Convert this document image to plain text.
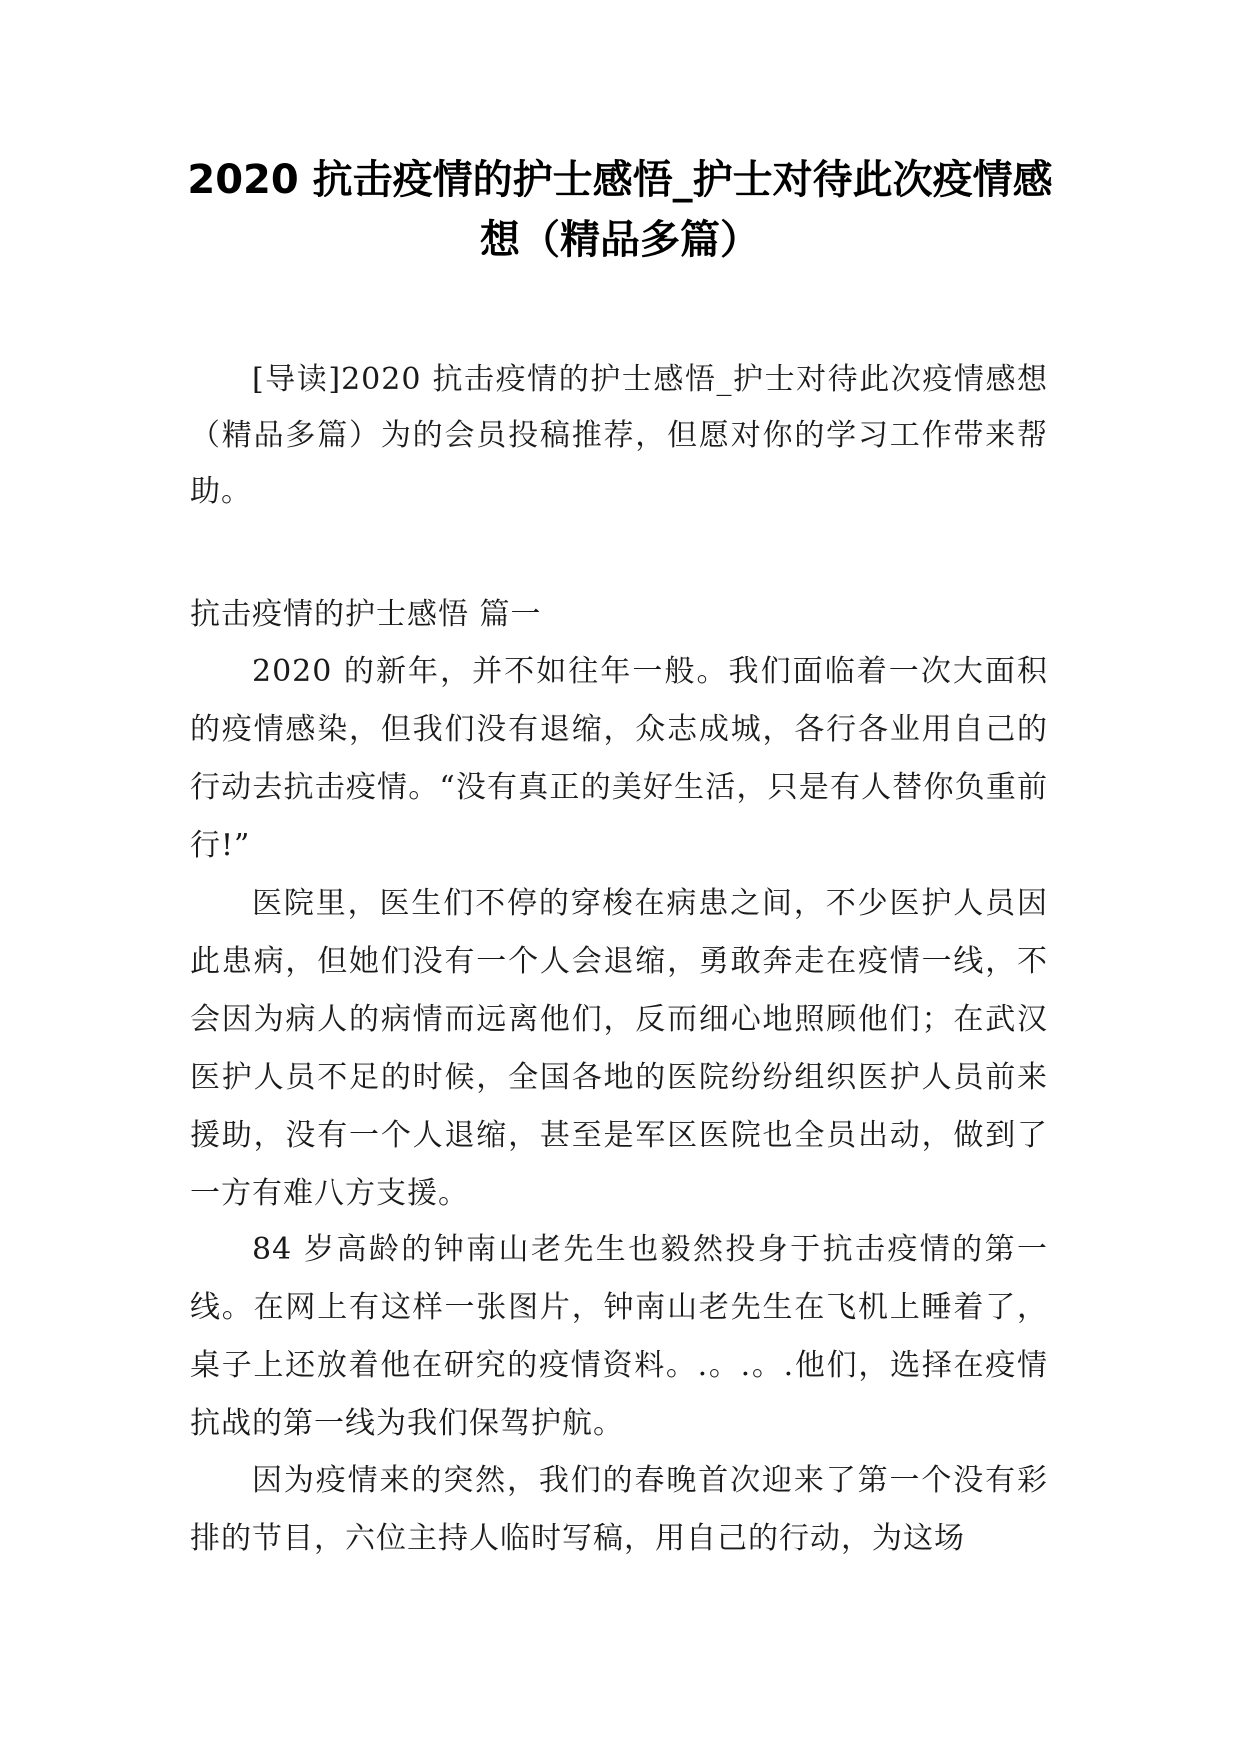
2020 抗击疫情的护士感悟_护士对待此次疫情感想（精品多篇）

[导读]2020 抗击疫情的护士感悟_护士对待此次疫情感想（精品多篇）为的会员投稿推荐，但愿对你的学习工作带来帮助。

抗击疫情的护士感悟 篇一

2020 的新年，并不如往年一般。我们面临着一次大面积的疫情感染，但我们没有退缩，众志成城，各行各业用自己的行动去抗击疫情。“没有真正的美好生活，只是有人替你负重前行!”

医院里，医生们不停的穿梭在病患之间，不少医护人员因此患病，但她们没有一个人会退缩，勇敢奔走在疫情一线，不会因为病人的病情而远离他们，反而细心地照顾他们；在武汉医护人员不足的时候，全国各地的医院纷纷组织医护人员前来援助，没有一个人退缩，甚至是军区医院也全员出动，做到了一方有难八方支援。

84 岁高龄的钟南山老先生也毅然投身于抗击疫情的第一线。在网上有这样一张图片，钟南山老先生在飞机上睡着了，桌子上还放着他在研究的疫情资料。.。.。.他们，选择在疫情抗战的第一线为我们保驾护航。

因为疫情来的突然，我们的春晚首次迎来了第一个没有彩排的节目，六位主持人临时写稿，用自己的行动，为这场
